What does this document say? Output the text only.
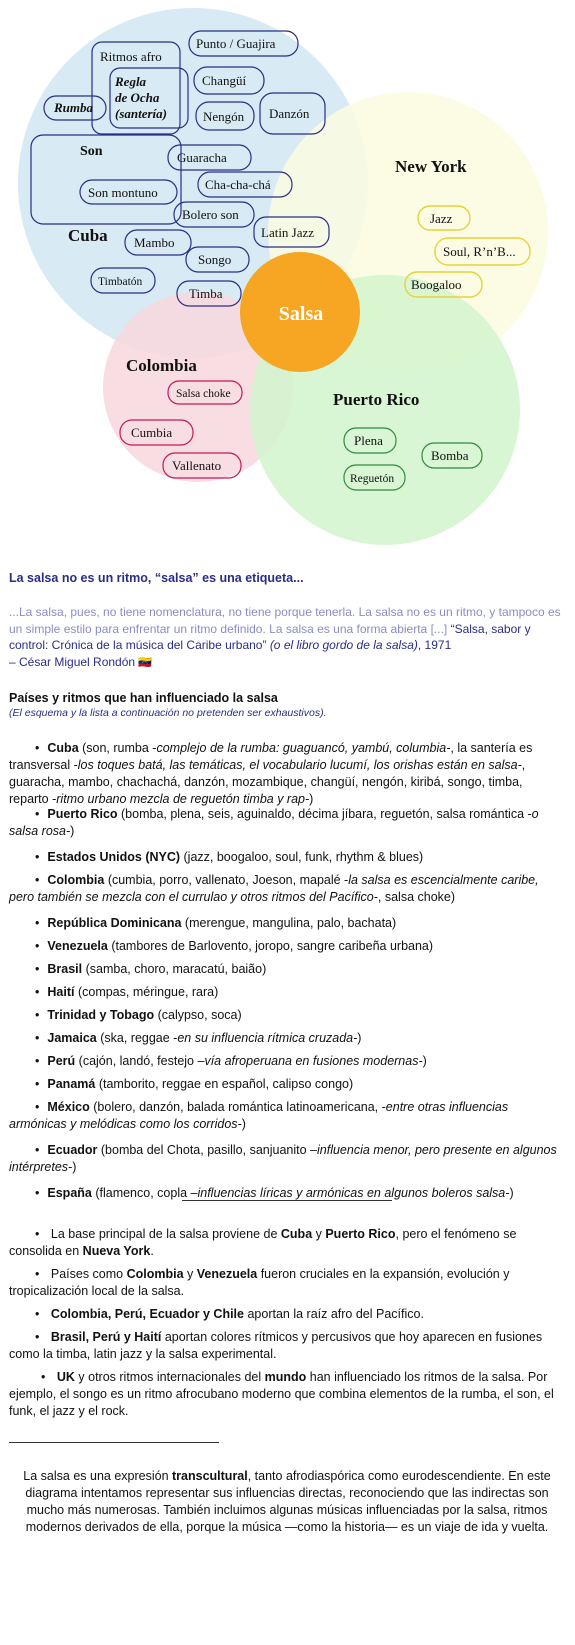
Cuba
New York
Colombia
Puerto Rico
Salsa
Ritmos afro
Regla
de Ocha
(santería)
Rumba
Son
Punto / Guajira
Changüí
Nengón Danzón
Guaracha
Son montuno
Cha-cha-chá
Bolero son
Latin Jazz
Mambo
Songo
Timbatón
Timba
Jazz
Soul, R’n’B...
Boogaloo
Salsa choke
Cumbia
Vallenato
Plena
Bomba
Reguetón
La salsa no es un ritmo, “salsa” es una etiqueta...
...La salsa, pues, no tiene nomenclatura, no tiene porque tenerla. La salsa no es un ritmo, y tampoco es un simple estilo para enfrentar un ritmo definido. La salsa es una forma abierta [...] “Salsa, sabor y control: Crónica de la música del Caribe urbano” (o el libro gordo de la salsa), 1971
– César Miguel Rondón 🇻🇪
Países y ritmos que han influenciado la salsa
(El esquema y la lista a continuación no pretenden ser exhaustivos).
• Cuba (son, rumba -complejo de la rumba: guaguancó, yambú, columbia-, la santería es transversal -los toques batá, las temáticas, el vocabulario lucumí, los orishas están en salsa-, guaracha, mambo, chachachá, danzón, mozambique, changüí, nengón, kiribá, songo, timba, reparto -ritmo urbano mezcla de reguetón timba y rap-)
• Puerto Rico (bomba, plena, seis, aguinaldo, décima jíbara, reguetón, salsa romántica -o salsa rosa-)
• Estados Unidos (NYC) (jazz, boogaloo, soul, funk, rhythm & blues)
• Colombia (cumbia, porro, vallenato, Joeson, mapalé -la salsa es escencialmente caribe, pero también se mezcla con el currulao y otros ritmos del Pacífico-, salsa choke)
• República Dominicana (merengue, mangulina, palo, bachata)
• Venezuela (tambores de Barlovento, joropo, sangre caribeña urbana)
• Brasil (samba, choro, maracatú, baião)
• Haití (compas, méringue, rara)
• Trinidad y Tobago (calypso, soca)
• Jamaica (ska, reggae -en su influencia rítmica cruzada-)
• Perú (cajón, landó, festejo –vía afroperuana en fusiones modernas-)
• Panamá (tamborito, reggae en español, calipso congo)
• México (bolero, danzón, balada romántica latinoamericana, -entre otras influencias armónicas y melódicas como los corridos-)
• Ecuador (bomba del Chota, pasillo, sanjuanito –influencia menor, pero presente en algunos intérpretes-)
• España (flamenco, copla –influencias líricas y armónicas en algunos boleros salsa-)
• La base principal de la salsa proviene de Cuba y Puerto Rico, pero el fenómeno se consolida en Nueva York.
• Países como Colombia y Venezuela fueron cruciales en la expansión, evolución y tropicalización local de la salsa.
• Colombia, Perú, Ecuador y Chile aportan la raíz afro del Pacífico.
• Brasil, Perú y Haití aportan colores rítmicos y percusivos que hoy aparecen en fusiones como la timba, latin jazz y la salsa experimental.
• UK y otros ritmos internacionales del mundo han influenciado los ritmos de la salsa. Por ejemplo, el songo es un ritmo afrocubano moderno que combina elementos de la rumba, el son, el funk, el jazz y el rock.
La salsa es una expresión transcultural, tanto afrodiaspórica como eurodescendiente. En este diagrama intentamos representar sus influencias directas, reconociendo que las indirectas son mucho más numerosas. También incluimos algunas músicas influenciadas por la salsa, ritmos modernos derivados de ella, porque la música —como la historia— es un viaje de ida y vuelta.
